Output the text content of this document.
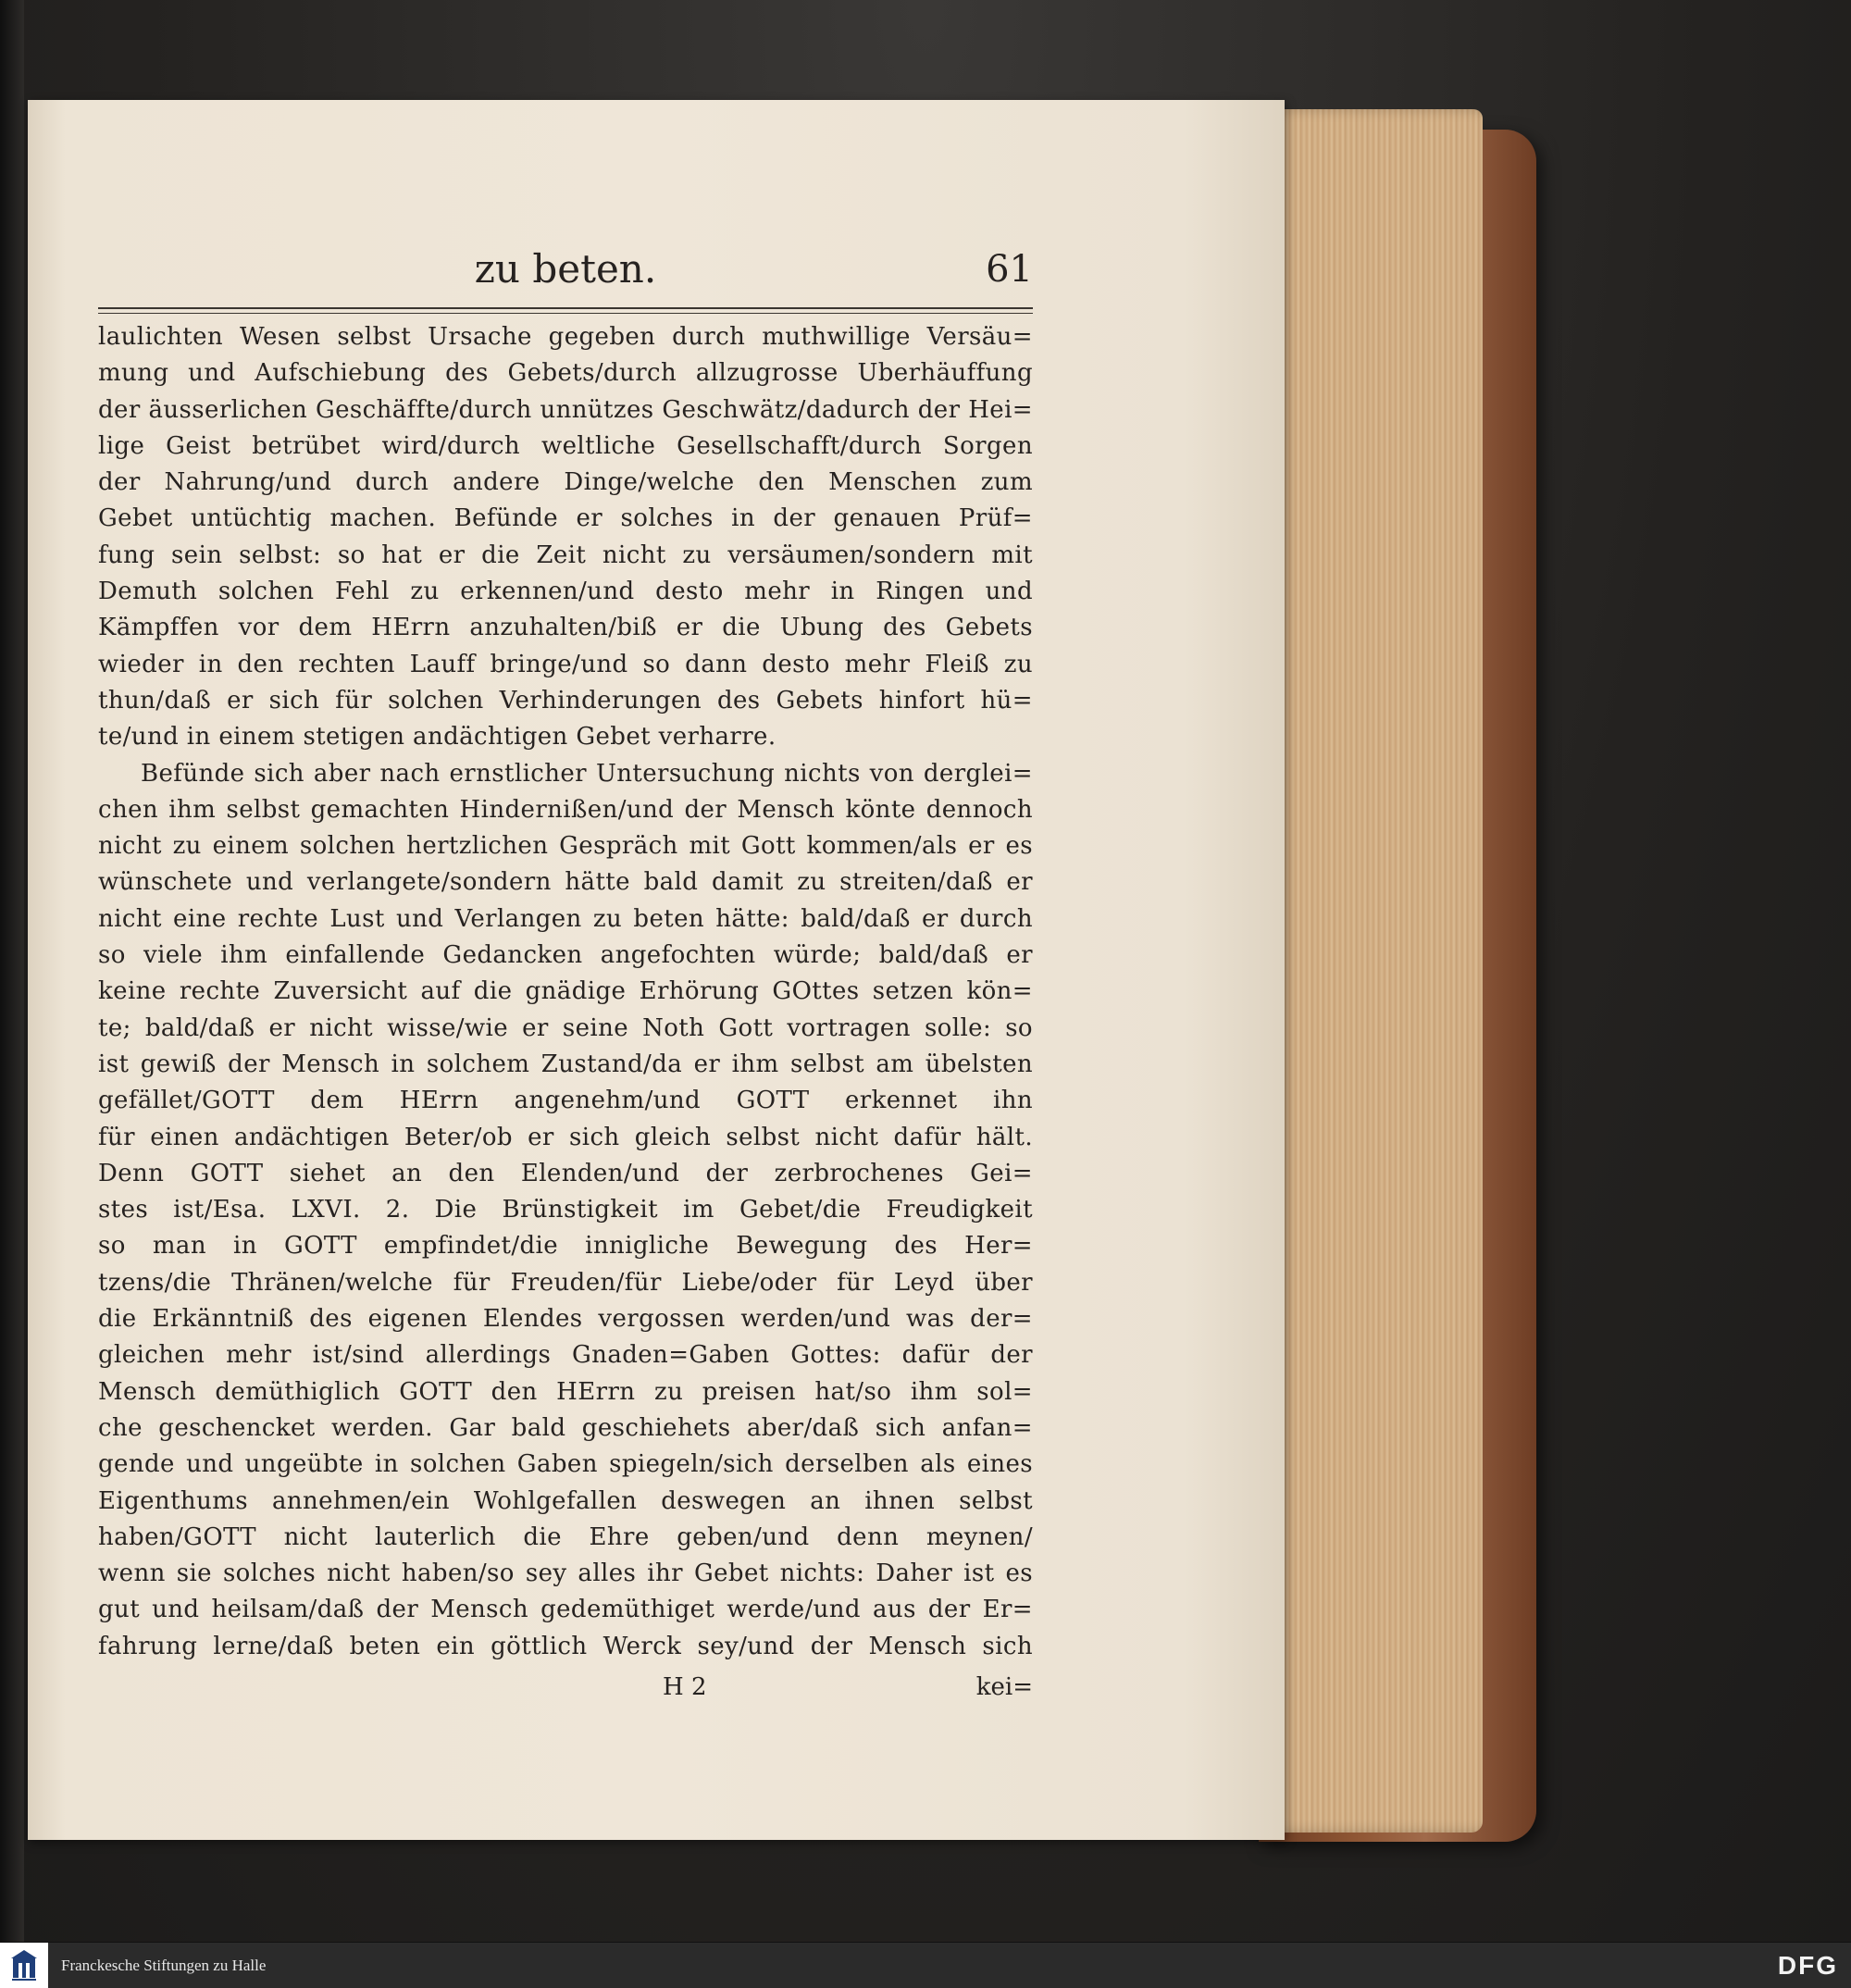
zu beten.	61
laulichten Wesen selbst Ursache gegeben durch muthwillige Versäu=
mung und Aufschiebung des Gebets/durch allzugrosse Uberhäuffung
der äusserlichen Geschäffte/durch unnützes Geschwätz/dadurch der Hei=
lige Geist betrübet wird/durch weltliche Gesellschafft/durch Sorgen
der Nahrung/und durch andere Dinge/welche den Menschen zum
Gebet untüchtig machen. Befünde er solches in der genauen Prüf=
fung sein selbst: so hat er die Zeit nicht zu versäumen/sondern mit
Demuth solchen Fehl zu erkennen/und desto mehr in Ringen und
Kämpffen vor dem HErrn anzuhalten/biß er die Ubung des Gebets
wieder in den rechten Lauff bringe/und so dann desto mehr Fleiß zu
thun/daß er sich für solchen Verhinderungen des Gebets hinfort hü=
te/und in einem stetigen andächtigen Gebet verharre.
Befünde sich aber nach ernstlicher Untersuchung nichts von derglei=
chen ihm selbst gemachten Hindernißen/und der Mensch könte dennoch
nicht zu einem solchen hertzlichen Gespräch mit Gott kommen/als er es
wünschete und verlangete/sondern hätte bald damit zu streiten/daß er
nicht eine rechte Lust und Verlangen zu beten hätte: bald/daß er durch
so viele ihm einfallende Gedancken angefochten würde; bald/daß er
keine rechte Zuversicht auf die gnädige Erhörung GOttes setzen kön=
te; bald/daß er nicht wisse/wie er seine Noth Gott vortragen solle: so
ist gewiß der Mensch in solchem Zustand/da er ihm selbst am übelsten
gefället/GOTT dem HErrn angenehm/und GOTT erkennet ihn
für einen andächtigen Beter/ob er sich gleich selbst nicht dafür hält.
Denn GOTT siehet an den Elenden/und der zerbrochenes Gei=
stes ist/Esa. LXVI. 2. Die Brünstigkeit im Gebet/die Freudigkeit
so man in GOTT empfindet/die innigliche Bewegung des Her=
tzens/die Thränen/welche für Freuden/für Liebe/oder für Leyd über
die Erkänntniß des eigenen Elendes vergossen werden/und was der=
gleichen mehr ist/sind allerdings Gnaden=Gaben Gottes: dafür der
Mensch demüthiglich GOTT den HErrn zu preisen hat/so ihm sol=
che geschencket werden. Gar bald geschiehets aber/daß sich anfan=
gende und ungeübte in solchen Gaben spiegeln/sich derselben als eines
Eigenthums annehmen/ein Wohlgefallen deswegen an ihnen selbst
haben/GOTT nicht lauterlich die Ehre geben/und denn meynen/
wenn sie solches nicht haben/so sey alles ihr Gebet nichts: Daher ist es
gut und heilsam/daß der Mensch gedemüthiget werde/und aus der Er=
fahrung lerne/daß beten ein göttlich Werck sey/und der Mensch sich
H 2	kei=
Franckesche Stiftungen zu Halle	DFG
